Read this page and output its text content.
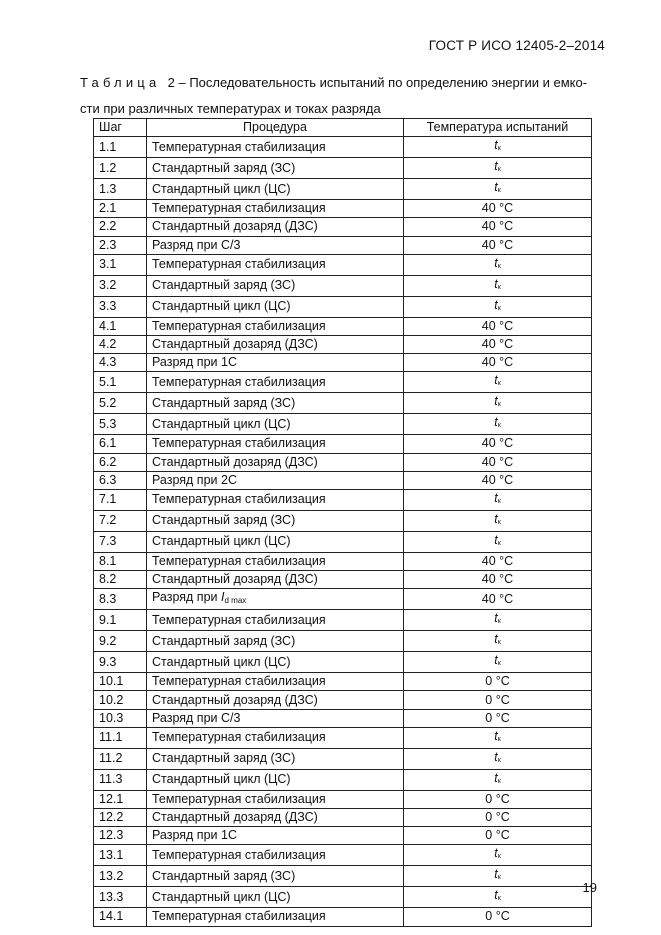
ГОСТ Р ИСО 12405-2–2014
Таблица 2 – Последовательность испытаний по определению энергии и емко-
сти при различных температурах и токах разряда
Шаг	Процедура	Температура испытаний
1.1	Температурная стабилизация	$t_к$
1.2	Стандартный заряд (ЗС)	$t_к$
1.3	Стандартный цикл (ЦС)	$t_к$
2.1	Температурная стабилизация	40 °C
2.2	Стандартный дозаряд (ДЗС)	40 °C
2.3	Разряд при С/3	40 °C
3.1	Температурная стабилизация	$t_к$
3.2	Стандартный заряд (ЗС)	$t_к$
3.3	Стандартный цикл (ЦС)	$t_к$
4.1	Температурная стабилизация	40 °C
4.2	Стандартный дозаряд (ДЗС)	40 °C
4.3	Разряд при 1С	40 °C
5.1	Температурная стабилизация	$t_к$
5.2	Стандартный заряд (ЗС)	$t_к$
5.3	Стандартный цикл (ЦС)	$t_к$
6.1	Температурная стабилизация	40 °C
6.2	Стандартный дозаряд (ДЗС)	40 °C
6.3	Разряд при 2С	40 °C
7.1	Температурная стабилизация	$t_к$
7.2	Стандартный заряд (ЗС)	$t_к$
7.3	Стандартный цикл (ЦС)	$t_к$
8.1	Температурная стабилизация	40 °C
8.2	Стандартный дозаряд (ДЗС)	40 °C
8.3	Разряд при Id max	40 °C
9.1	Температурная стабилизация	$t_к$
9.2	Стандартный заряд (ЗС)	$t_к$
9.3	Стандартный цикл (ЦС)	$t_к$
10.1	Температурная стабилизация	0 °C
10.2	Стандартный дозаряд (ДЗС)	0 °C
10.3	Разряд при С/3	0 °C
11.1	Температурная стабилизация	$t_к$
11.2	Стандартный заряд (ЗС)	$t_к$
11.3	Стандартный цикл (ЦС)	$t_к$
12.1	Температурная стабилизация	0 °C
12.2	Стандартный дозаряд (ДЗС)	0 °C
12.3	Разряд при 1С	0 °C
13.1	Температурная стабилизация	$t_к$
13.2	Стандартный заряд (ЗС)	$t_к$
13.3	Стандартный цикл (ЦС)	$t_к$
14.1	Температурная стабилизация	0 °C
19
